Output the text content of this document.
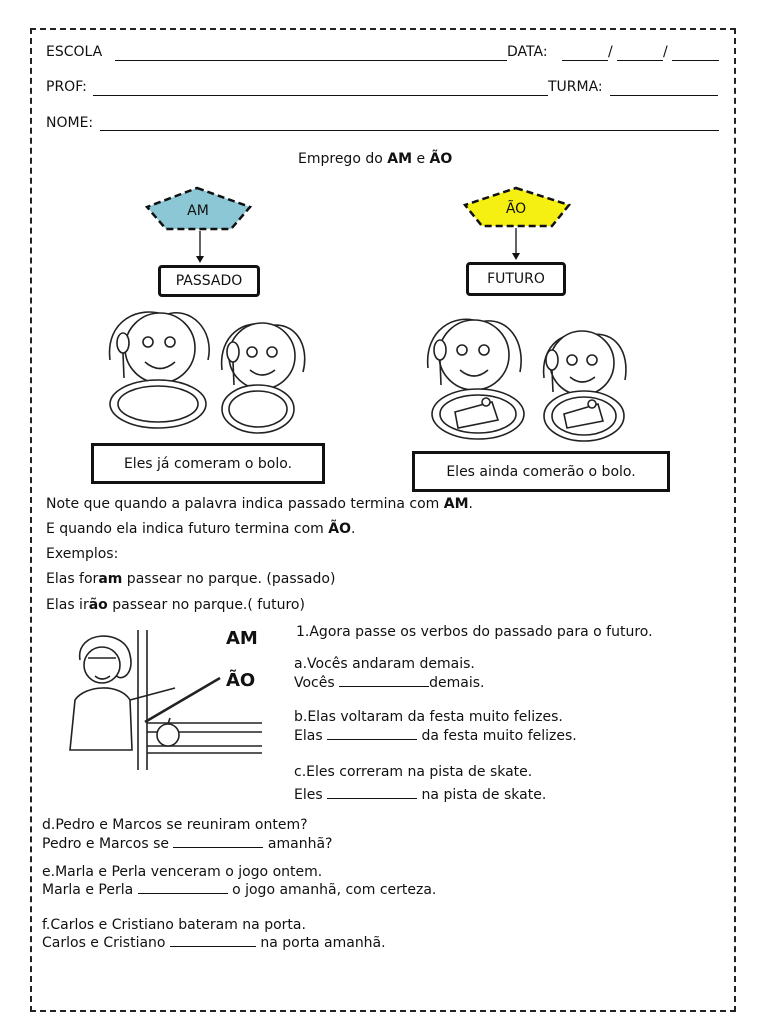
ESCOLA	DATA:	/	/
PROF:	TURMA:
NOME:
Emprego do AM e ÃO
AM	ÃO
PASSADO	FUTURO
Eles já comeram o bolo.	Eles ainda comerão o bolo.
Note que quando a palavra indica passado termina com AM.
E quando ela indica futuro termina com ÃO.
Exemplos:
Elas foram passear no parque. (passado)
Elas irão passear no parque.( futuro)
AM
ÃO
1.Agora passe os verbos do passado para o futuro.
a.Vocês andaram demais.
Vocês	demais.
b.Elas voltaram da festa muito felizes.
Elas	da festa muito felizes.
c.Eles correram na pista de skate.
Eles	na pista de skate.
d.Pedro e Marcos se reuniram ontem?
Pedro e Marcos se	amanhã?
e.Marla e Perla venceram o jogo ontem.
Marla e Perla	o jogo amanhã, com certeza.
f.Carlos e Cristiano bateram na porta.
Carlos e Cristiano	na porta amanhã.
